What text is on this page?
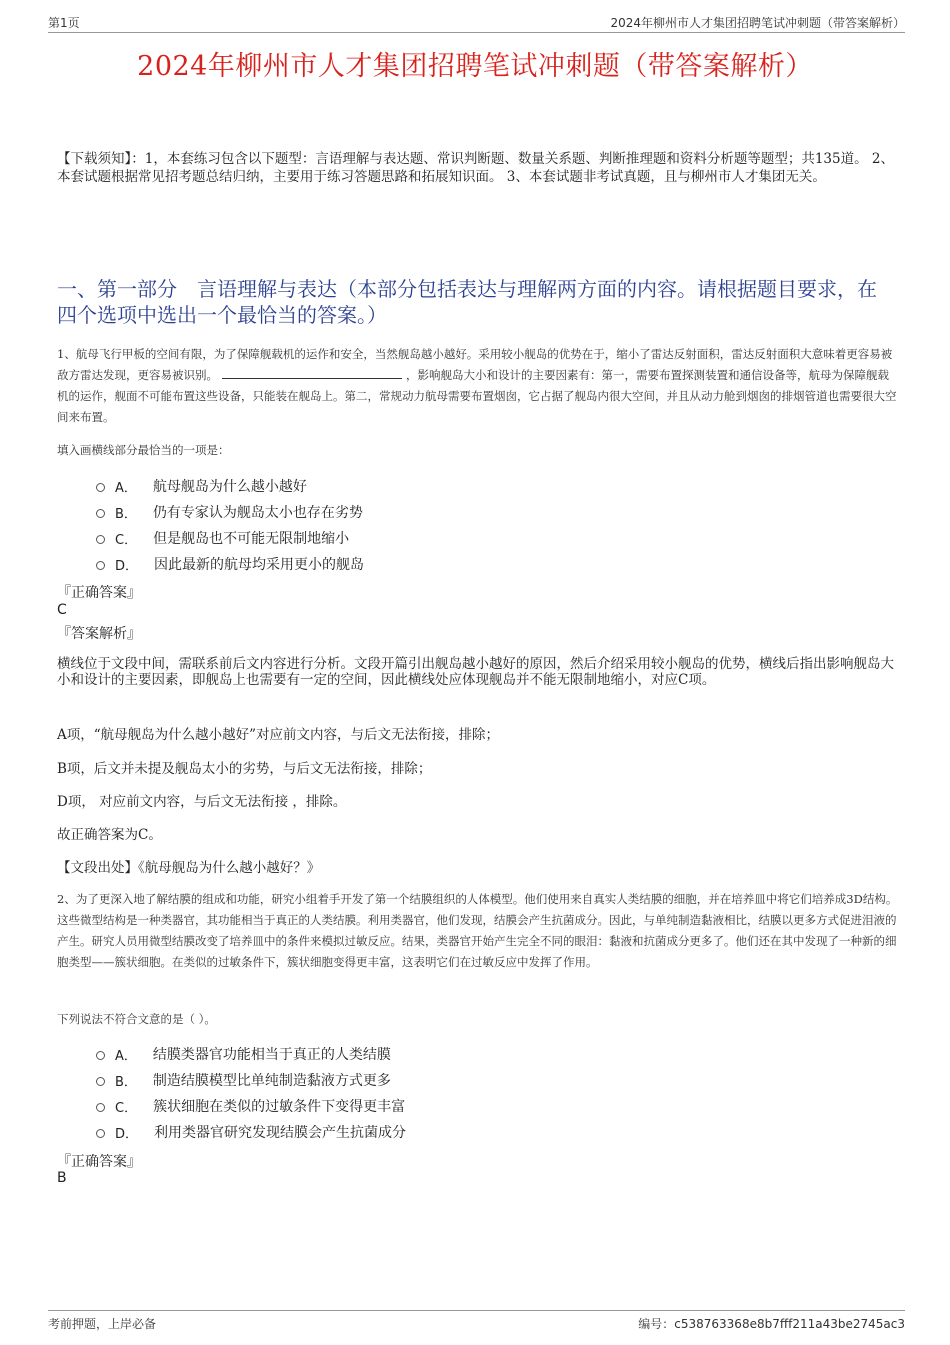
第1页	2024年柳州市人才集团招聘笔试冲刺题（带答案解析）
2024年柳州市人才集团招聘笔试冲刺题（带答案解析）
【下载须知】：1，本套练习包含以下题型：言语理解与表达题、常识判断题、数量关系题、判断推理题和资料分析题等题型；共135道。 2、本套试题根据常见招考题总结归纳，主要用于练习答题思路和拓展知识面。 3、本套试题非考试真题，且与柳州市人才集团无关。
一、第一部分　言语理解与表达（本部分包括表达与理解两方面的内容。请根据题目要求，在四个选项中选出一个最恰当的答案。）
1、航母飞行甲板的空间有限，为了保障舰载机的运作和安全，当然舰岛越小越好。采用较小舰岛的优势在于，缩小了雷达反射面积，雷达反射面积大意味着更容易被敌方雷达发现，更容易被识别。	，影响舰岛大小和设计的主要因素有：第一，需要布置探测装置和通信设备等，航母为保障舰载机的运作，舰面不可能布置这些设备，只能装在舰岛上。第二，常规动力航母需要布置烟囱，它占据了舰岛内很大空间，并且从动力舱到烟囱的排烟管道也需要很大空间来布置。
填入画横线部分最恰当的一项是：
A． 航母舰岛为什么越小越好
B． 仍有专家认为舰岛太小也存在劣势
C． 但是舰岛也不可能无限制地缩小
D． 因此最新的航母均采用更小的舰岛
『正确答案』
C
『答案解析』
横线位于文段中间，需联系前后文内容进行分析。文段开篇引出舰岛越小越好的原因，然后介绍采用较小舰岛的优势，横线后指出影响舰岛大小和设计的主要因素，即舰岛上也需要有一定的空间，因此横线处应体现舰岛并不能无限制地缩小，对应C项。
A项，“航母舰岛为什么越小越好”对应前文内容，与后文无法衔接，排除；
B项，后文并未提及舰岛太小的劣势，与后文无法衔接，排除；
D项， 对应前文内容，与后文无法衔接 ，排除。
故正确答案为C。
【文段出处】《航母舰岛为什么越小越好？》
2、为了更深入地了解结膜的组成和功能，研究小组着手开发了第一个结膜组织的人体模型。他们使用来自真实人类结膜的细胞，并在培养皿中将它们培养成3D结构。这些微型结构是一种类器官，其功能相当于真正的人类结膜。利用类器官，他们发现，结膜会产生抗菌成分。因此，与单纯制造黏液相比，结膜以更多方式促进泪液的产生。研究人员用微型结膜改变了培养皿中的条件来模拟过敏反应。结果，类器官开始产生完全不同的眼泪：黏液和抗菌成分更多了。他们还在其中发现了一种新的细胞类型——簇状细胞。在类似的过敏条件下，簇状细胞变得更丰富，这表明它们在过敏反应中发挥了作用。
下列说法不符合文意的是（ ）。
A． 结膜类器官功能相当于真正的人类结膜
B． 制造结膜模型比单纯制造黏液方式更多
C． 簇状细胞在类似的过敏条件下变得更丰富
D． 利用类器官研究发现结膜会产生抗菌成分
『正确答案』
B
考前押题，上岸必备	编号：c538763368e8b7fff211a43be2745ac3
